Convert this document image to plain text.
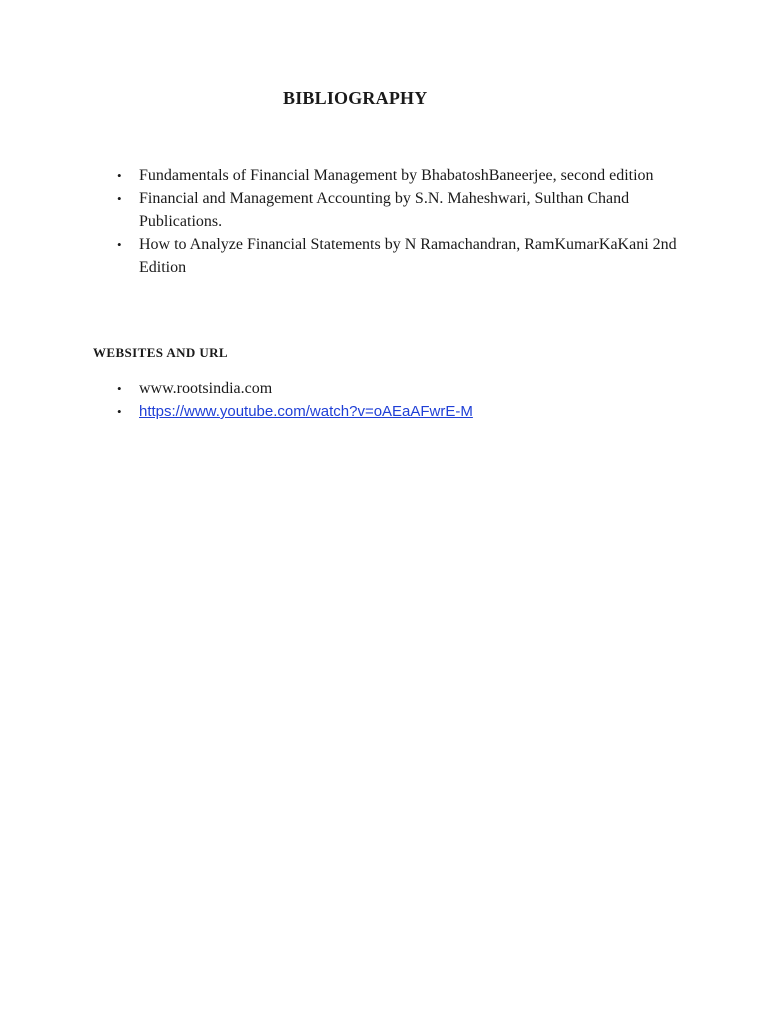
BIBLIOGRAPHY
• Fundamentals of Financial Management by BhabatoshBaneerjee, second edition
• Financial and Management Accounting by S.N. Maheshwari, Sulthan Chand Publications.
• How to Analyze Financial Statements by N Ramachandran, RamKumarKaKani 2nd Edition
WEBSITES AND URL
• www.rootsindia.com
• https://www.youtube.com/watch?v=oAEaAFwrE-M
